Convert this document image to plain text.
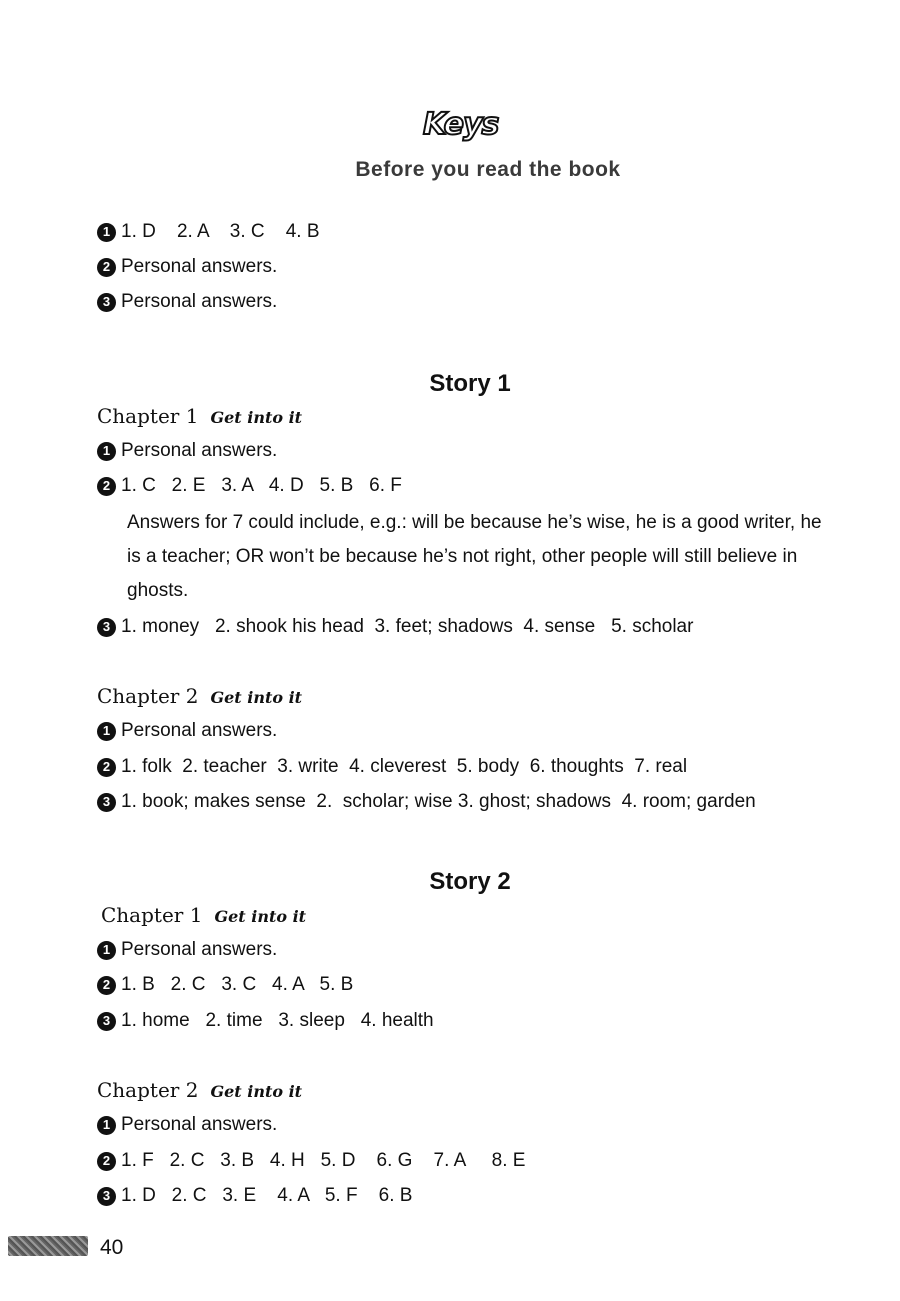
Keys
Before you read the book
1 1. D    2. A    3. C    4. B
2 Personal answers.
3 Personal answers.
Story 1
Chapter 1 Get into it
1 Personal answers.
2 1. C   2. E   3. A   4. D   5. B   6. F
Answers for 7 could include, e.g.: will be because he’s wise, he is a good writer, he is a teacher; OR won’t be because he’s not right, other people will still believe in ghosts.
3 1. money   2. shook his head  3. feet; shadows  4. sense   5. scholar
Chapter 2 Get into it
1 Personal answers.
2 1. folk  2. teacher  3. write  4. cleverest  5. body  6. thoughts  7. real
3 1. book; makes sense  2.  scholar; wise 3. ghost; shadows  4. room; garden
Story 2
Chapter 1 Get into it
1 Personal answers.
2 1. B   2. C   3. C   4. A   5. B
3 1. home   2. time   3. sleep   4. health
Chapter 2 Get into it
1 Personal answers.
2 1. F   2. C   3. B   4. H   5. D    6. G    7. A     8. E
3 1. D   2. C   3. E    4. A   5. F    6. B
40
